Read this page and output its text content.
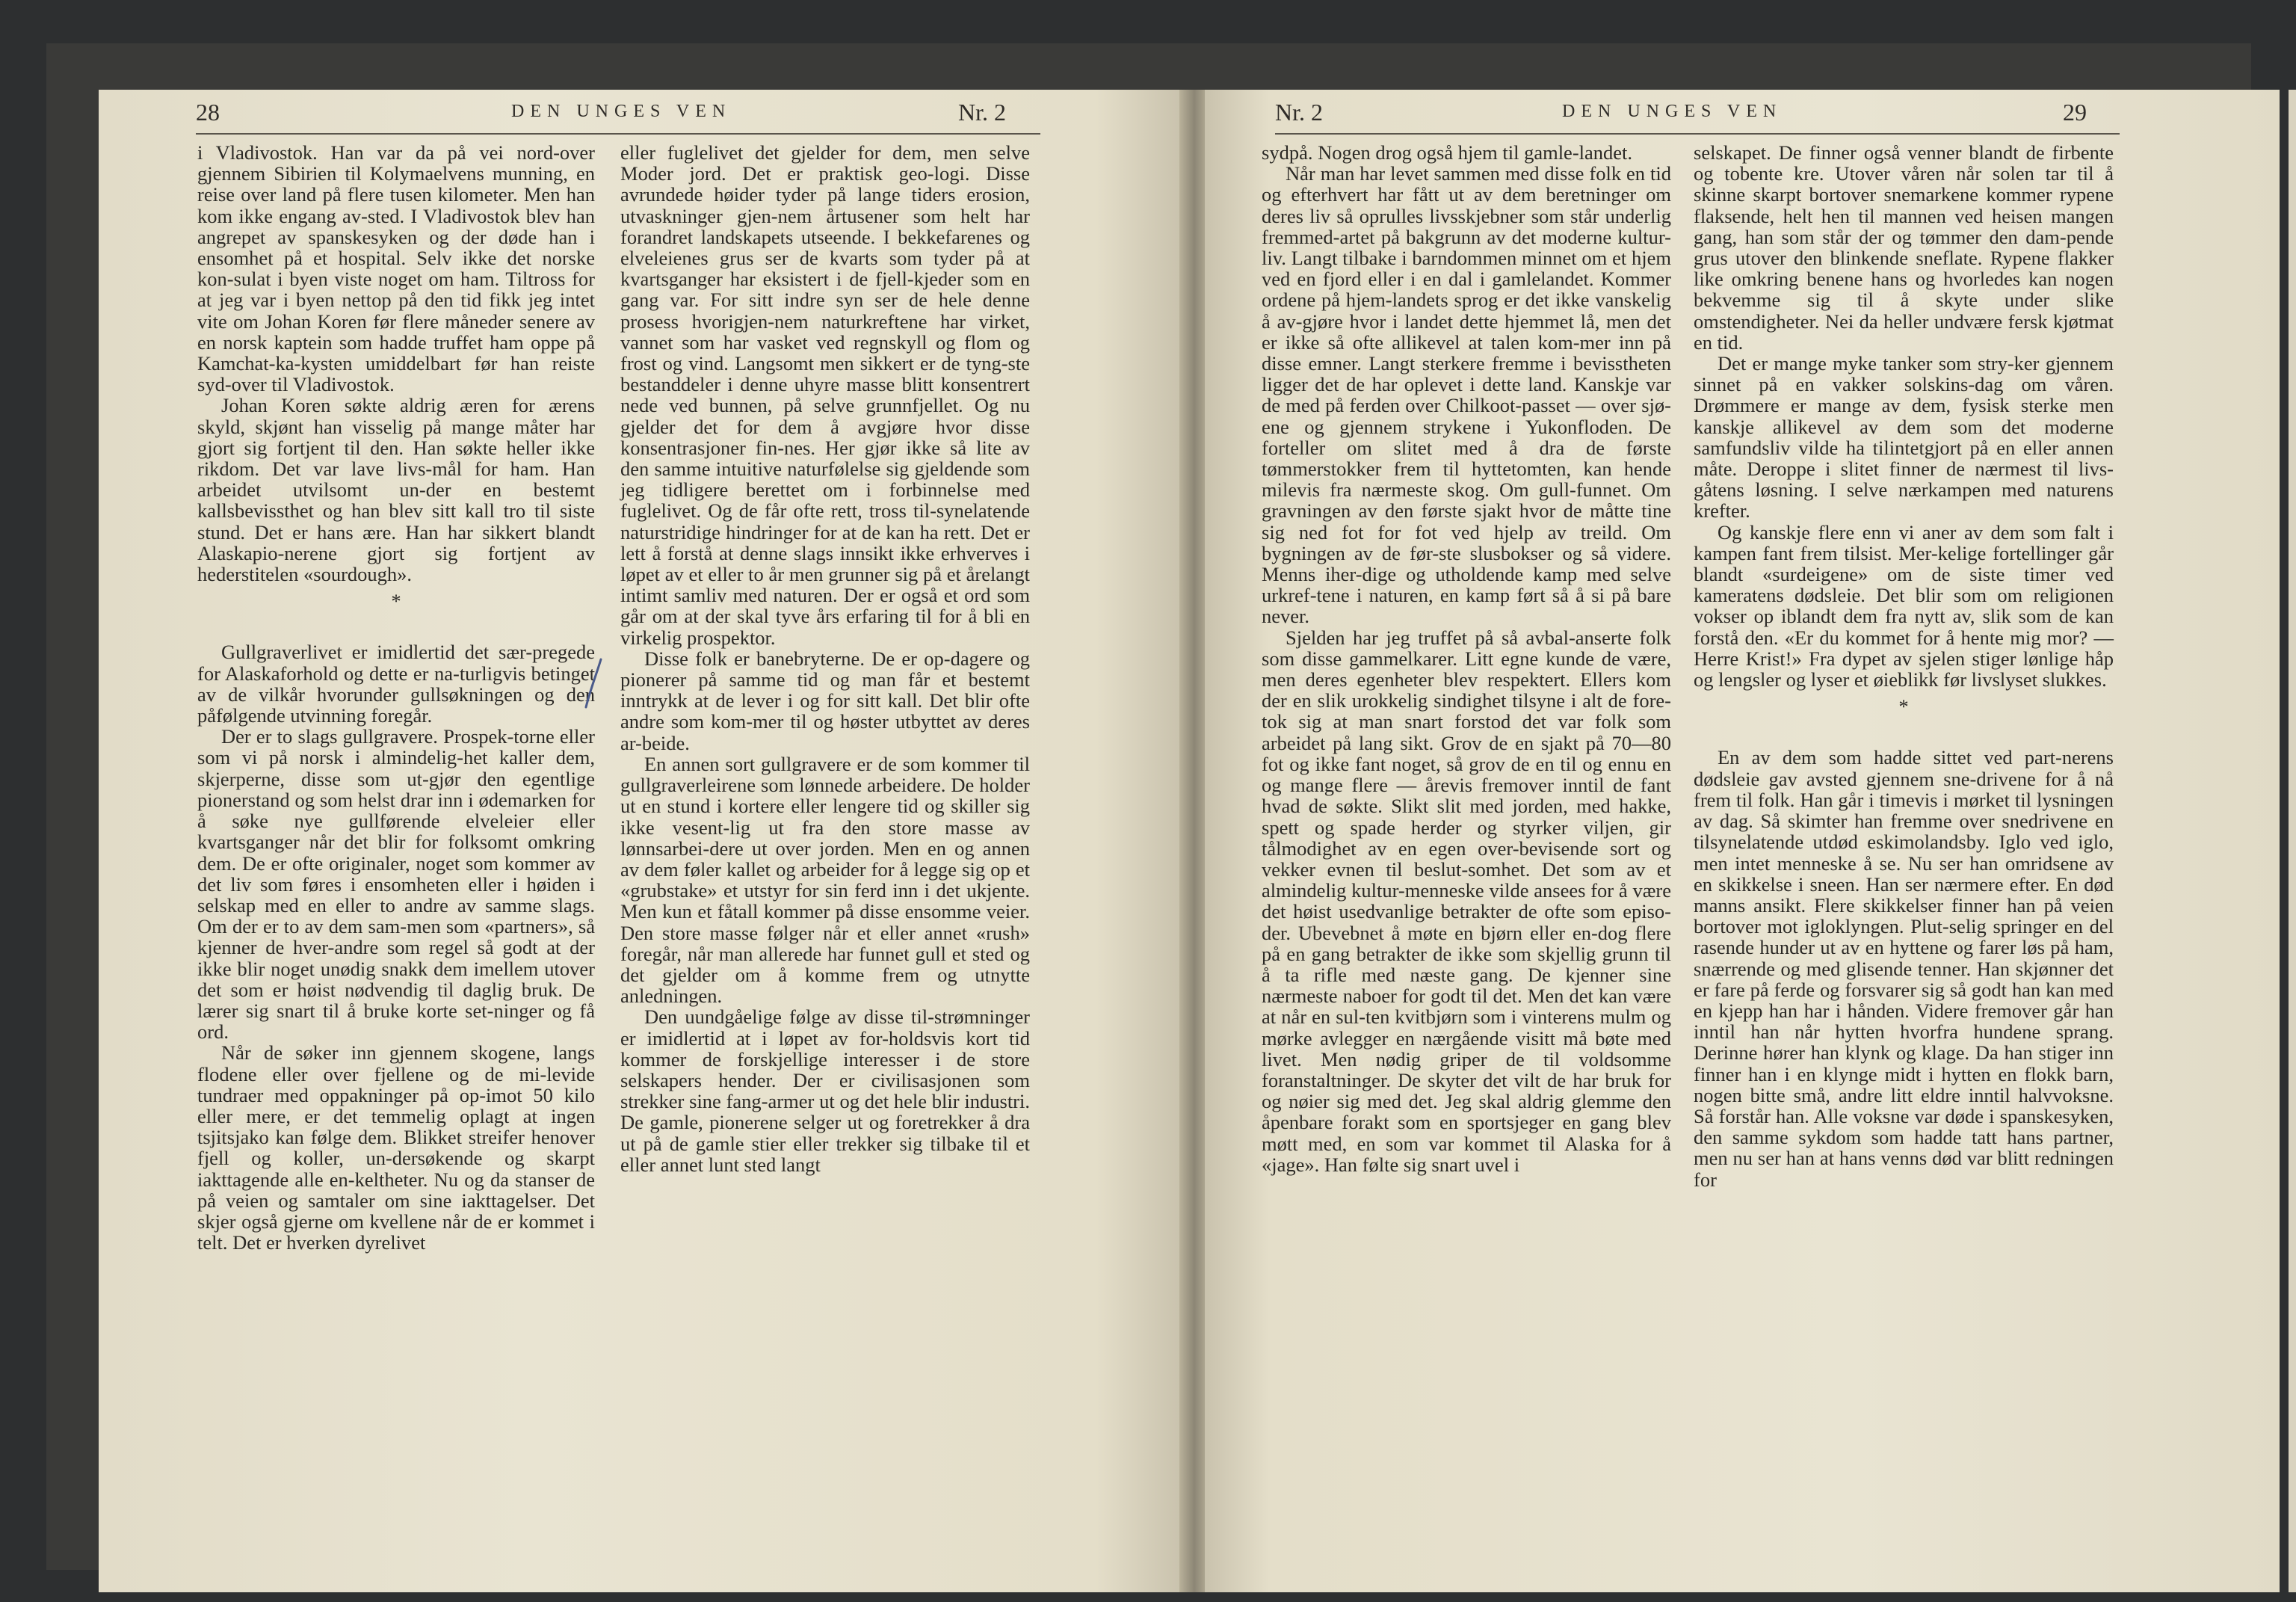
28	DEN UNGES VEN	Nr. 2	Nr. 2	DEN UNGES VEN	29

i Vladivostok. Han var da på vei nord-over gjennem Sibirien til Kolymaelvens munning, en reise over land på flere tusen kilometer. Men han kom ikke engang av-sted. I Vladivostok blev han angrepet av spanskesyken og der døde han i ensomhet på et hospital. Selv ikke det norske kon-sulat i byen viste noget om ham. Tiltross for at jeg var i byen nettop på den tid fikk jeg intet vite om Johan Koren før flere måneder senere av en norsk kaptein som hadde truffet ham oppe på Kamchat-ka-kysten umiddelbart før han reiste syd-over til Vladivostok.

Johan Koren søkte aldrig æren for ærens skyld, skjønt han visselig på mange måter har gjort sig fortjent til den. Han søkte heller ikke rikdom. Det var lave livs-mål for ham. Han arbeidet utvilsomt un-der en bestemt kallsbevissthet og han blev sitt kall tro til siste stund. Det er hans ære. Han har sikkert blandt Alaskapio-nerene gjort sig fortjent av hederstitelen «sourdough».

*

Gullgraverlivet er imidlertid det sær-pregede for Alaskaforhold og dette er na-turligvis betinget av de vilkår hvorunder gullsøkningen og den påfølgende utvinning foregår.

Der er to slags gullgravere. Prospek-torne eller som vi på norsk i almindelig-het kaller dem, skjerperne, disse som ut-gjør den egentlige pionerstand og som helst drar inn i ødemarken for å søke nye gullførende elveleier eller kvartsganger når det blir for folksomt omkring dem. De er ofte originaler, noget som kommer av det liv som føres i ensomheten eller i høiden i selskap med en eller to andre av samme slags. Om der er to av dem sam-men som «partners», så kjenner de hver-andre som regel så godt at der ikke blir noget unødig snakk dem imellem utover det som er høist nødvendig til daglig bruk. De lærer sig snart til å bruke korte set-ninger og få ord.

Når de søker inn gjennem skogene, langs flodene eller over fjellene og de mi-levide tundraer med oppakninger på op-imot 50 kilo eller mere, er det temmelig oplagt at ingen tsjitsjako kan følge dem. Blikket streifer henover fjell og koller, un-dersøkende og skarpt iakttagende alle en-keltheter. Nu og da stanser de på veien og samtaler om sine iakttagelser. Det skjer også gjerne om kvellene når de er kommet i telt. Det er hverken dyrelivet

eller fuglelivet det gjelder for dem, men selve Moder jord. Det er praktisk geo-logi. Disse avrundede høider tyder på lange tiders erosion, utvaskninger gjen-nem årtusener som helt har forandret landskapets utseende. I bekkefarenes og elveleienes grus ser de kvarts som tyder på at kvartsganger har eksistert i de fjell-kjeder som en gang var. For sitt indre syn ser de hele denne prosess hvorigjen-nem naturkreftene har virket, vannet som har vasket ved regnskyll og flom og frost og vind. Langsomt men sikkert er de tyng-ste bestanddeler i denne uhyre masse blitt konsentrert nede ved bunnen, på selve grunnfjellet. Og nu gjelder det for dem å avgjøre hvor disse konsentrasjoner fin-nes. Her gjør ikke så lite av den samme intuitive naturfølelse sig gjeldende som jeg tidligere berettet om i forbinnelse med fuglelivet. Og de får ofte rett, tross til-synelatende naturstridige hindringer for at de kan ha rett. Det er lett å forstå at denne slags innsikt ikke erhverves i løpet av et eller to år men grunner sig på et årelangt intimt samliv med naturen. Der er også et ord som går om at der skal tyve års erfaring til for å bli en virkelig prospektor.

Disse folk er banebryterne. De er op-dagere og pionerer på samme tid og man får et bestemt inntrykk at de lever i og for sitt kall. Det blir ofte andre som kom-mer til og høster utbyttet av deres ar-beide.

En annen sort gullgravere er de som kommer til gullgraverleirene som lønnede arbeidere. De holder ut en stund i kortere eller lengere tid og skiller sig ikke vesent-lig ut fra den store masse av lønnsarbei-dere ut over jorden. Men en og annen av dem føler kallet og arbeider for å legge sig op et «grubstake» et utstyr for sin ferd inn i det ukjente. Men kun et fåtall kommer på disse ensomme veier. Den store masse følger når et eller annet «rush» foregår, når man allerede har funnet gull et sted og det gjelder om å komme frem og utnytte anledningen.

Den uundgåelige følge av disse til-strømninger er imidlertid at i løpet av for-holdsvis kort tid kommer de forskjellige interesser i de store selskapers hender. Der er civilisasjonen som strekker sine fang-armer ut og det hele blir industri. De gamle, pionerene selger ut og foretrekker å dra ut på de gamle stier eller trekker sig tilbake til et eller annet lunt sted langt

sydpå. Nogen drog også hjem til gamle-landet.

Når man har levet sammen med disse folk en tid og efterhvert har fått ut av dem beretninger om deres liv så oprulles livsskjebner som står underlig fremmed-artet på bakgrunn av det moderne kultur-liv. Langt tilbake i barndommen minnet om et hjem ved en fjord eller i en dal i gamlelandet. Kommer ordene på hjem-landets sprog er det ikke vanskelig å av-gjøre hvor i landet dette hjemmet lå, men det er ikke så ofte allikevel at talen kom-mer inn på disse emner. Langt sterkere fremme i bevisstheten ligger det de har oplevet i dette land. Kanskje var de med på ferden over Chilkoot-passet — over sjø-ene og gjennem strykene i Yukonfloden. De forteller om slitet med å dra de første tømmerstokker frem til hyttetomten, kan hende milevis fra nærmeste skog. Om gull-funnet. Om gravningen av den første sjakt hvor de måtte tine sig ned fot for fot ved hjelp av treild. Om bygningen av de før-ste slusbokser og så videre. Menns iher-dige og utholdende kamp med selve urkref-tene i naturen, en kamp ført så å si på bare never.

Sjelden har jeg truffet på så avbal-anserte folk som disse gammelkarer. Litt egne kunde de være, men deres egenheter blev respektert. Ellers kom der en slik urokkelig sindighet tilsyne i alt de fore-tok sig at man snart forstod det var folk som arbeidet på lang sikt. Grov de en sjakt på 70—80 fot og ikke fant noget, så grov de en til og ennu en og mange flere — årevis fremover inntil de fant hvad de søkte. Slikt slit med jorden, med hakke, spett og spade herder og styrker viljen, gir tålmodighet av en egen over-bevisende sort og vekker evnen til beslut-somhet. Det som av et almindelig kultur-menneske vilde ansees for å være det høist usedvanlige betrakter de ofte som episo-der. Ubevebnet å møte en bjørn eller en-dog flere på en gang betrakter de ikke som skjellig grunn til å ta rifle med næste gang. De kjenner sine nærmeste naboer for godt til det. Men det kan være at når en sul-ten kvitbjørn som i vinterens mulm og mørke avlegger en nærgående visitt må bøte med livet. Men nødig griper de til voldsomme foranstaltninger. De skyter det vilt de har bruk for og nøier sig med det. Jeg skal aldrig glemme den åpenbare forakt som en sportsjeger en gang blev møtt med, en som var kommet til Alaska for å «jage». Han følte sig snart uvel i

selskapet. De finner også venner blandt de firbente og tobente kre. Utover våren når solen tar til å skinne skarpt bortover snemarkene kommer rypene flaksende, helt hen til mannen ved heisen mangen gang, han som står der og tømmer den dam-pende grus utover den blinkende sneflate. Rypene flakker like omkring benene hans og hvorledes kan nogen bekvemme sig til å skyte under slike omstendigheter. Nei da heller undvære fersk kjøtmat en tid.

Det er mange myke tanker som stry-ker gjennem sinnet på en vakker solskins-dag om våren. Drømmere er mange av dem, fysisk sterke men kanskje allikevel av dem som det moderne samfundsliv vilde ha tilintetgjort på en eller annen måte. Deroppe i slitet finner de nærmest til livs-gåtens løsning. I selve nærkampen med naturens krefter.

Og kanskje flere enn vi aner av dem som falt i kampen fant frem tilsist. Mer-kelige fortellinger går blandt «surdeigene» om de siste timer ved kameratens dødsleie. Det blir som om religionen vokser op iblandt dem fra nytt av, slik som de kan forstå den. «Er du kommet for å hente mig mor? — Herre Krist!» Fra dypet av sjelen stiger lønlige håp og lengsler og lyser et øieblikk før livslyset slukkes.

*

En av dem som hadde sittet ved part-nerens dødsleie gav avsted gjennem sne-drivene for å nå frem til folk. Han går i timevis i mørket til lysningen av dag. Så skimter han fremme over snedrivene en tilsynelatende utdød eskimolandsby. Iglo ved iglo, men intet menneske å se. Nu ser han omridsene av en skikkelse i sneen. Han ser nærmere efter. En død manns ansikt. Flere skikkelser finner han på veien bortover mot igloklyngen. Plut-selig springer en del rasende hunder ut av en hyttene og farer løs på ham, snærrende og med glisende tenner. Han skjønner det er fare på ferde og forsvarer sig så godt han kan med en kjepp han har i hånden. Videre fremover går han inntil han når hytten hvorfra hundene sprang. Derinne hører han klynk og klage. Da han stiger inn finner han i en klynge midt i hytten en flokk barn, nogen bitte små, andre litt eldre inntil halvvoksne. Så forstår han. Alle voksne var døde i spanskesyken, den samme sykdom som hadde tatt hans partner, men nu ser han at hans venns død var blitt redningen for
